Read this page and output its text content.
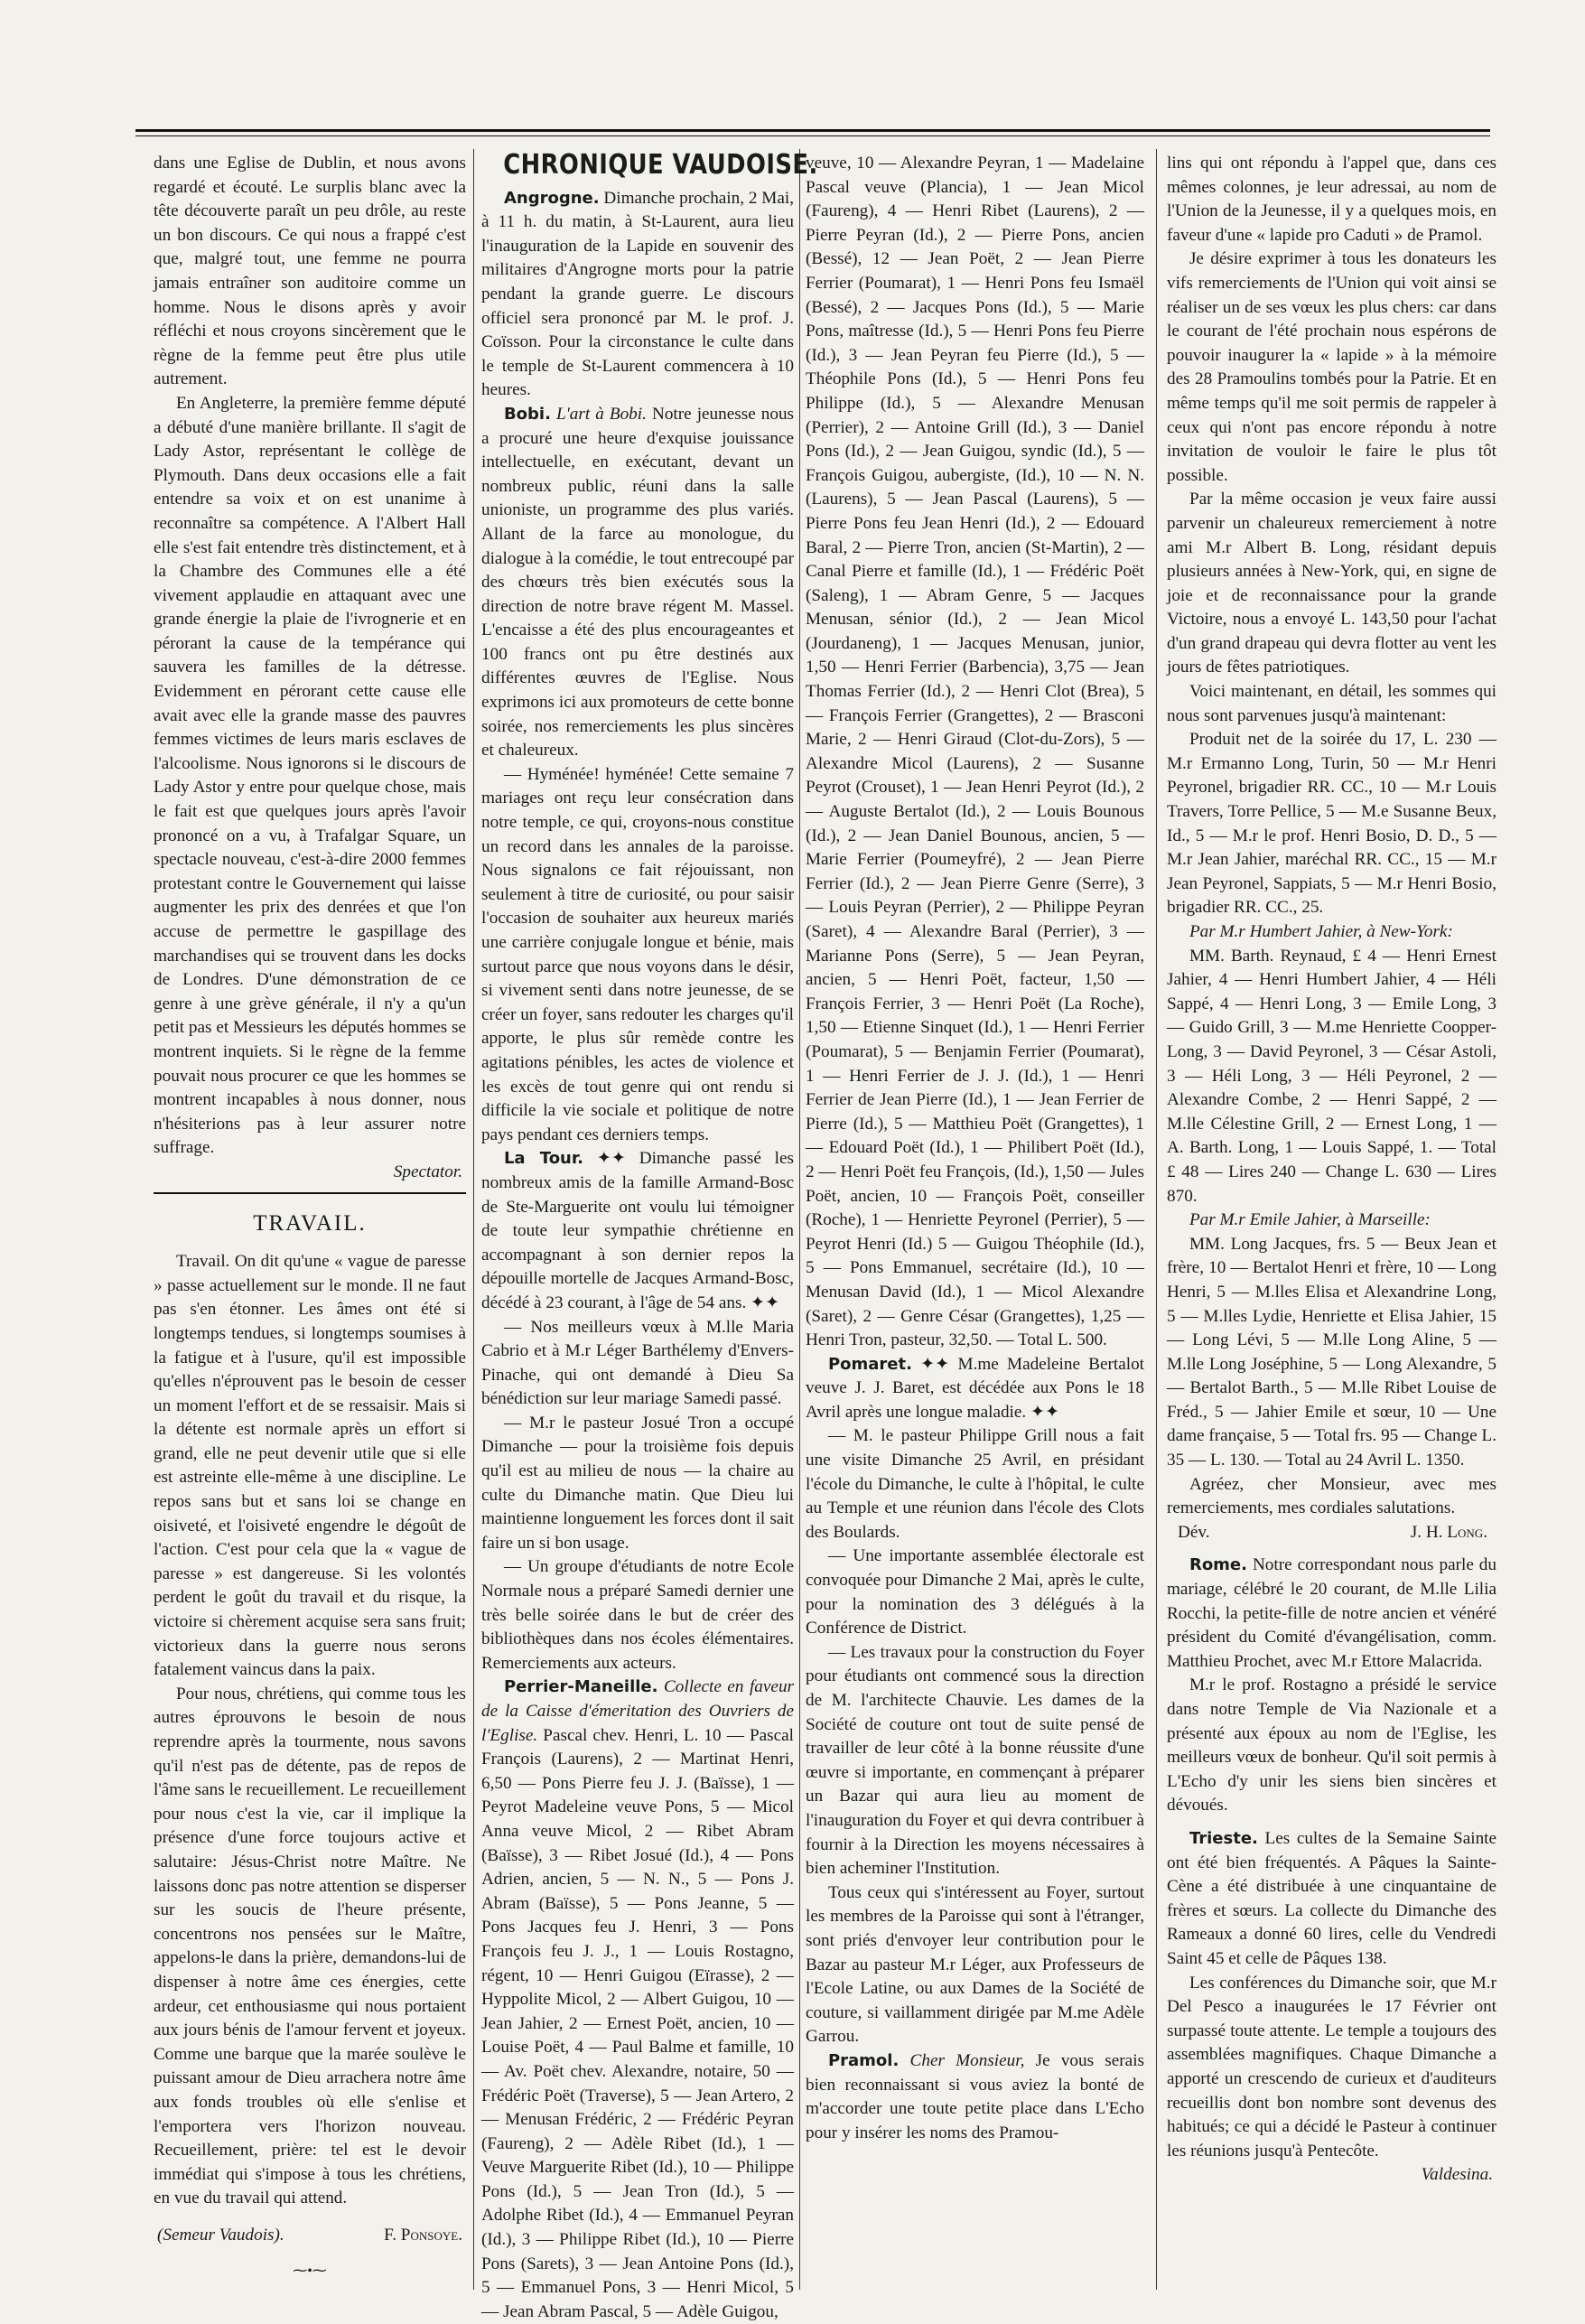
dans une Eglise de Dublin, et nous avons regardé et écouté. Le surplis blanc avec la tête découverte paraît un peu drôle, au reste un bon discours. Ce qui nous a frappé c'est que, malgré tout, une femme ne pourra jamais entraîner son auditoire comme un homme. Nous le disons après y avoir réfléchi et nous croyons sincèrement que le règne de la femme peut être plus utile autrement.

En Angleterre, la première femme député a débuté d'une manière brillante. Il s'agit de Lady Astor, représentant le collège de Plymouth. Dans deux occasions elle a fait entendre sa voix et on est unanime à reconnaître sa compétence. A l'Albert Hall elle s'est fait entendre très distinctement, et à la Chambre des Communes elle a été vivement applaudie en attaquant avec une grande énergie la plaie de l'ivrognerie et en pérorant la cause de la tempérance qui sauvera les familles de la détresse. Evidemment en pérorant cette cause elle avait avec elle la grande masse des pauvres femmes victimes de leurs maris esclaves de l'alcoolisme. Nous ignorons si le discours de Lady Astor y entre pour quelque chose, mais le fait est que quelques jours après l'avoir prononcé on a vu, à Trafalgar Square, un spectacle nouveau, c'est-à-dire 2000 femmes protestant contre le Gouvernement qui laisse augmenter les prix des denrées et que l'on accuse de permettre le gaspillage des marchandises qui se trouvent dans les docks de Londres. D'une démonstration de ce genre à une grève générale, il n'y a qu'un petit pas et Messieurs les députés hommes se montrent inquiets. Si le règne de la femme pouvait nous procurer ce que les hommes se montrent incapables à nous donner, nous n'hésiterions pas à leur assurer notre suffrage.

Spectator.
TRAVAIL.

Travail. On dit qu'une « vague de paresse » passe actuellement sur le monde. Il ne faut pas s'en étonner. Les âmes ont été si longtemps tendues, si longtemps soumises à la fatigue et à l'usure, qu'il est impossible qu'elles n'éprouvent pas le besoin de cesser un moment l'effort et de se ressaisir. Mais si la détente est normale après un effort si grand, elle ne peut devenir utile que si elle est astreinte elle-même à une discipline. Le repos sans but et sans loi se change en oisiveté, et l'oisiveté engendre le dégoût de l'action. C'est pour cela que la « vague de paresse » est dangereuse. Si les volontés perdent le goût du travail et du risque, la victoire si chèrement acquise sera sans fruit; victorieux dans la guerre nous serons fatalement vaincus dans la paix.

Pour nous, chrétiens, qui comme tous les autres éprouvons le besoin de nous reprendre après la tourmente, nous savons qu'il n'est pas de détente, pas de repos de l'âme sans le recueillement. Le recueillement pour nous c'est la vie, car il implique la présence d'une force toujours active et salutaire: Jésus-Christ notre Maître. Ne laissons donc pas notre attention se disperser sur les soucis de l'heure présente, concentrons nos pensées sur le Maître, appelons-le dans la prière, demandons-lui de dispenser à notre âme ces énergies, cette ardeur, cet enthousiasme qui nous portaient aux jours bénis de l'amour fervent et joyeux. Comme une barque que la marée soulève le puissant amour de Dieu arrachera notre âme aux fonds troubles où elle s'enlise et l'emportera vers l'horizon nouveau. Recueillement, prière: tel est le devoir immédiat qui s'impose à tous les chrétiens, en vue du travail qui attend.

(Semeur Vaudois).	F. Ponsoye.
⁓•⁓
CHRONIQUE VAUDOISE.

Angrogne. Dimanche prochain, 2 Mai, à 11 h. du matin, à St-Laurent, aura lieu l'inauguration de la Lapide en souvenir des militaires d'Angrogne morts pour la patrie pendant la grande guerre. Le discours officiel sera prononcé par M. le prof. J. Coïsson. Pour la circonstance le culte dans le temple de St-Laurent commencera à 10 heures.

Bobi. L'art à Bobi. Notre jeunesse nous a procuré une heure d'exquise jouissance intellectuelle, en exécutant, devant un nombreux public, réuni dans la salle unioniste, un programme des plus variés. Allant de la farce au monologue, du dialogue à la comédie, le tout entrecoupé par des chœurs très bien exécutés sous la direction de notre brave régent M. Massel. L'encaisse a été des plus encourageantes et 100 francs ont pu être destinés aux différentes œuvres de l'Eglise. Nous exprimons ici aux promoteurs de cette bonne soirée, nos remerciements les plus sincères et chaleureux.

— Hyménée! hyménée! Cette semaine 7 mariages ont reçu leur consécration dans notre temple, ce qui, croyons-nous constitue un record dans les annales de la paroisse. Nous signalons ce fait réjouissant, non seulement à titre de curiosité, ou pour saisir l'occasion de souhaiter aux heureux mariés une carrière conjugale longue et bénie, mais surtout parce que nous voyons dans le désir, si vivement senti dans notre jeunesse, de se créer un foyer, sans redouter les charges qu'il apporte, le plus sûr remède contre les agitations pénibles, les actes de violence et les excès de tout genre qui ont rendu si difficile la vie sociale et politique de notre pays pendant ces derniers temps.

La Tour. ✦✦ Dimanche passé les nombreux amis de la famille Armand-Bosc de Ste-Marguerite ont voulu lui témoigner de toute leur sympathie chrétienne en accompagnant à son dernier repos la dépouille mortelle de Jacques Armand-Bosc, décédé à 23 courant, à l'âge de 54 ans. ✦✦

— Nos meilleurs vœux à M.lle Maria Cabrio et à M.r Léger Barthélemy d'Envers-Pinache, qui ont demandé à Dieu Sa bénédiction sur leur mariage Samedi passé.

— M.r le pasteur Josué Tron a occupé Dimanche — pour la troisième fois depuis qu'il est au milieu de nous — la chaire au culte du Dimanche matin. Que Dieu lui maintienne longuement les forces dont il sait faire un si bon usage.

— Un groupe d'étudiants de notre Ecole Normale nous a préparé Samedi dernier une très belle soirée dans le but de créer des bibliothèques dans nos écoles élémentaires. Remerciements aux acteurs.

Perrier-Maneille. Collecte en faveur de la Caisse d'émeritation des Ouvriers de l'Eglise. Pascal chev. Henri, L. 10 — Pascal François (Laurens), 2 — Martinat Henri, 6,50 — Pons Pierre feu J. J. (Baïsse), 1 — Peyrot Madeleine veuve Pons, 5 — Micol Anna veuve Micol, 2 — Ribet Abram (Baïsse), 3 — Ribet Josué (Id.), 4 — Pons Adrien, ancien, 5 — N. N., 5 — Pons J. Abram (Baïsse), 5 — Pons Jeanne, 5 — Pons Jacques feu J. Henri, 3 — Pons François feu J. J., 1 — Louis Rostagno, régent, 10 — Henri Guigou (Eïrasse), 2 — Hyppolite Micol, 2 — Albert Guigou, 10 — Jean Jahier, 2 — Ernest Poët, ancien, 10 — Louise Poët, 4 — Paul Balme et famille, 10 — Av. Poët chev. Alexandre, notaire, 50 — Frédéric Poët (Traverse), 5 — Jean Artero, 2 — Menusan Frédéric, 2 — Frédéric Peyran (Faureng), 2 — Adèle Ribet (Id.), 1 — Veuve Marguerite Ribet (Id.), 10 — Philippe Pons (Id.), 5 — Jean Tron (Id.), 5 — Adolphe Ribet (Id.), 4 — Emmanuel Peyran (Id.), 3 — Philippe Ribet (Id.), 10 — Pierre Pons (Sarets), 3 — Jean Antoine Pons (Id.), 5 — Emmanuel Pons, 3 — Henri Micol, 5 — Jean Abram Pascal, 5 — Adèle Guigou,

veuve, 10 — Alexandre Peyran, 1 — Madelaine Pascal veuve (Plancia), 1 — Jean Micol (Faureng), 4 — Henri Ribet (Laurens), 2 — Pierre Peyran (Id.), 2 — Pierre Pons, ancien (Bessé), 12 — Jean Poët, 2 — Jean Pierre Ferrier (Poumarat), 1 — Henri Pons feu Ismaël (Bessé), 2 — Jacques Pons (Id.), 5 — Marie Pons, maîtresse (Id.), 5 — Henri Pons feu Pierre (Id.), 3 — Jean Peyran feu Pierre (Id.), 5 — Théophile Pons (Id.), 5 — Henri Pons feu Philippe (Id.), 5 — Alexandre Menusan (Perrier), 2 — Antoine Grill (Id.), 3 — Daniel Pons (Id.), 2 — Jean Guigou, syndic (Id.), 5 — François Guigou, aubergiste, (Id.), 10 — N. N. (Laurens), 5 — Jean Pascal (Laurens), 5 — Pierre Pons feu Jean Henri (Id.), 2 — Edouard Baral, 2 — Pierre Tron, ancien (St-Martin), 2 — Canal Pierre et famille (Id.), 1 — Frédéric Poët (Saleng), 1 — Abram Genre, 5 — Jacques Menusan, sénior (Id.), 2 — Jean Micol (Jourdaneng), 1 — Jacques Menusan, junior, 1,50 — Henri Ferrier (Barbencia), 3,75 — Jean Thomas Ferrier (Id.), 2 — Henri Clot (Brea), 5 — François Ferrier (Grangettes), 2 — Brasconi Marie, 2 — Henri Giraud (Clot-du-Zors), 5 — Alexandre Micol (Laurens), 2 — Susanne Peyrot (Crouset), 1 — Jean Henri Peyrot (Id.), 2 — Auguste Bertalot (Id.), 2 — Louis Bounous (Id.), 2 — Jean Daniel Bounous, ancien, 5 — Marie Ferrier (Poumeyfré), 2 — Jean Pierre Ferrier (Id.), 2 — Jean Pierre Genre (Serre), 3 — Louis Peyran (Perrier), 2 — Philippe Peyran (Saret), 4 — Alexandre Baral (Perrier), 3 — Marianne Pons (Serre), 5 — Jean Peyran, ancien, 5 — Henri Poët, facteur, 1,50 — François Ferrier, 3 — Henri Poët (La Roche), 1,50 — Etienne Sinquet (Id.), 1 — Henri Ferrier (Poumarat), 5 — Benjamin Ferrier (Poumarat), 1 — Henri Ferrier de J. J. (Id.), 1 — Henri Ferrier de Jean Pierre (Id.), 1 — Jean Ferrier de Pierre (Id.), 5 — Matthieu Poët (Grangettes), 1 — Edouard Poët (Id.), 1 — Philibert Poët (Id.), 2 — Henri Poët feu François, (Id.), 1,50 — Jules Poët, ancien, 10 — François Poët, conseiller (Roche), 1 — Henriette Peyronel (Perrier), 5 — Peyrot Henri (Id.) 5 — Guigou Théophile (Id.), 5 — Pons Emmanuel, secrétaire (Id.), 10 — Menusan David (Id.), 1 — Micol Alexandre (Saret), 2 — Genre César (Grangettes), 1,25 — Henri Tron, pasteur, 32,50. — Total L. 500.

Pomaret. ✦✦ M.me Madeleine Bertalot veuve J. J. Baret, est décédée aux Pons le 18 Avril après une longue maladie. ✦✦

— M. le pasteur Philippe Grill nous a fait une visite Dimanche 25 Avril, en présidant l'école du Dimanche, le culte à l'hôpital, le culte au Temple et une réunion dans l'école des Clots des Boulards.

— Une importante assemblée électorale est convoquée pour Dimanche 2 Mai, après le culte, pour la nomination des 3 délégués à la Conférence de District.

— Les travaux pour la construction du Foyer pour étudiants ont commencé sous la direction de M. l'architecte Chauvie. Les dames de la Société de couture ont tout de suite pensé de travailler de leur côté à la bonne réussite d'une œuvre si importante, en commençant à préparer un Bazar qui aura lieu au moment de l'inauguration du Foyer et qui devra contribuer à fournir à la Direction les moyens nécessaires à bien acheminer l'Institution.

Tous ceux qui s'intéressent au Foyer, surtout les membres de la Paroisse qui sont à l'étranger, sont priés d'envoyer leur contribution pour le Bazar au pasteur M.r Léger, aux Professeurs de l'Ecole Latine, ou aux Dames de la Société de couture, si vaillamment dirigée par M.me Adèle Garrou.

Pramol. Cher Monsieur, Je vous serais bien reconnaissant si vous aviez la bonté de m'accorder une toute petite place dans L'Echo pour y insérer les noms des Pramou-

lins qui ont répondu à l'appel que, dans ces mêmes colonnes, je leur adressai, au nom de l'Union de la Jeunesse, il y a quelques mois, en faveur d'une « lapide pro Caduti » de Pramol.

Je désire exprimer à tous les donateurs les vifs remerciements de l'Union qui voit ainsi se réaliser un de ses vœux les plus chers: car dans le courant de l'été prochain nous espérons de pouvoir inaugurer la « lapide » à la mémoire des 28 Pramoulins tombés pour la Patrie. Et en même temps qu'il me soit permis de rappeler à ceux qui n'ont pas encore répondu à notre invitation de vouloir le faire le plus tôt possible.

Par la même occasion je veux faire aussi parvenir un chaleureux remerciement à notre ami M.r Albert B. Long, résidant depuis plusieurs années à New-York, qui, en signe de joie et de reconnaissance pour la grande Victoire, nous a envoyé L. 143,50 pour l'achat d'un grand drapeau qui devra flotter au vent les jours de fêtes patriotiques.

Voici maintenant, en détail, les sommes qui nous sont parvenues jusqu'à maintenant:

Produit net de la soirée du 17, L. 230 — M.r Ermanno Long, Turin, 50 — M.r Henri Peyronel, brigadier RR. CC., 10 — M.r Louis Travers, Torre Pellice, 5 — M.e Susanne Beux, Id., 5 — M.r le prof. Henri Bosio, D. D., 5 — M.r Jean Jahier, maréchal RR. CC., 15 — M.r Jean Peyronel, Sappiats, 5 — M.r Henri Bosio, brigadier RR. CC., 25.

Par M.r Humbert Jahier, à New-York:

MM. Barth. Reynaud, £ 4 — Henri Ernest Jahier, 4 — Henri Humbert Jahier, 4 — Héli Sappé, 4 — Henri Long, 3 — Emile Long, 3 — Guido Grill, 3 — M.me Henriette Coopper-Long, 3 — David Peyronel, 3 — César Astoli, 3 — Héli Long, 3 — Héli Peyronel, 2 — Alexandre Combe, 2 — Henri Sappé, 2 — M.lle Célestine Grill, 2 — Ernest Long, 1 — A. Barth. Long, 1 — Louis Sappé, 1. — Total £ 48 — Lires 240 — Change L. 630 — Lires 870.

Par M.r Emile Jahier, à Marseille:

MM. Long Jacques, frs. 5 — Beux Jean et frère, 10 — Bertalot Henri et frère, 10 — Long Henri, 5 — M.lles Elisa et Alexandrine Long, 5 — M.lles Lydie, Henriette et Elisa Jahier, 15 — Long Lévi, 5 — M.lle Long Aline, 5 — M.lle Long Joséphine, 5 — Long Alexandre, 5 — Bertalot Barth., 5 — M.lle Ribet Louise de Fréd., 5 — Jahier Emile et sœur, 10 — Une dame française, 5 — Total frs. 95 — Change L. 35 — L. 130. — Total au 24 Avril L. 1350.

Agréez, cher Monsieur, avec mes remerciements, mes cordiales salutations.

Dév.	J. H. Long.

Rome. Notre correspondant nous parle du mariage, célébré le 20 courant, de M.lle Lilia Rocchi, la petite-fille de notre ancien et vénéré président du Comité d'évangélisation, comm. Matthieu Prochet, avec M.r Ettore Malacrida.

M.r le prof. Rostagno a présidé le service dans notre Temple de Via Nazionale et a présenté aux époux au nom de l'Eglise, les meilleurs vœux de bonheur. Qu'il soit permis à L'Echo d'y unir les siens bien sincères et dévoués.

Trieste. Les cultes de la Semaine Sainte ont été bien fréquentés. A Pâques la Sainte-Cène a été distribuée à une cinquantaine de frères et sœurs. La collecte du Dimanche des Rameaux a donné 60 lires, celle du Vendredi Saint 45 et celle de Pâques 138.

Les conférences du Dimanche soir, que M.r Del Pesco a inaugurées le 17 Février ont surpassé toute attente. Le temple a toujours des assemblées magnifiques. Chaque Dimanche a apporté un crescendo de curieux et d'auditeurs recueillis dont bon nombre sont devenus des habitués; ce qui a décidé le Pasteur à continuer les réunions jusqu'à Pentecôte.

Valdesina.
